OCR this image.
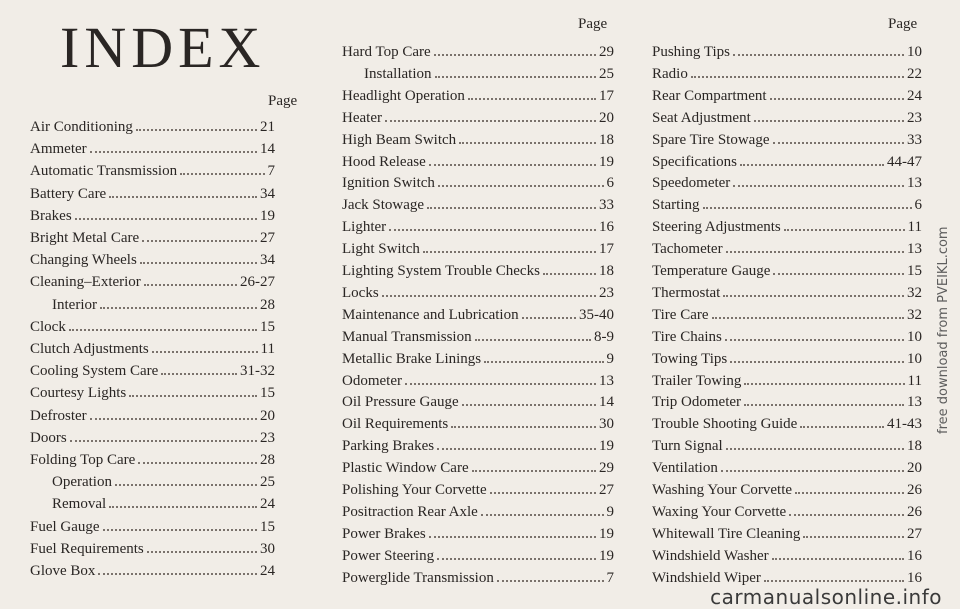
INDEX
Page
Page	Page
Air Conditioning	21
Ammeter	14
Automatic Transmission	7
Battery Care	34
Brakes	19
Bright Metal Care	27
Changing Wheels	34
Cleaning–Exterior	26-27
Interior	28
Clock	15
Clutch Adjustments	11
Cooling System Care	31-32
Courtesy Lights	15
Defroster	20
Doors	23
Folding Top Care	28
Operation	25
Removal	24
Fuel Gauge	15
Fuel Requirements	30
Glove Box	24
Hard Top Care	29
Installation	25
Headlight Operation	17
Heater	20
High Beam Switch	18
Hood Release	19
Ignition Switch	6
Jack Stowage	33
Lighter	16
Light Switch	17
Lighting System Trouble Checks	18
Locks	23
Maintenance and Lubrication	35-40
Manual Transmission	8-9
Metallic Brake Linings	9
Odometer	13
Oil Pressure Gauge	14
Oil Requirements	30
Parking Brakes	19
Plastic Window Care	29
Polishing Your Corvette	27
Positraction Rear Axle	9
Power Brakes	19
Power Steering	19
Powerglide Transmission	7
Pushing Tips	10
Radio	22
Rear Compartment	24
Seat Adjustment	23
Spare Tire Stowage	33
Specifications	44-47
Speedometer	13
Starting	6
Steering Adjustments	11
Tachometer	13
Temperature Gauge	15
Thermostat	32
Tire Care	32
Tire Chains	10
Towing Tips	10
Trailer Towing	11
Trip Odometer	13
Trouble Shooting Guide	41-43
Turn Signal	18
Ventilation	20
Washing Your Corvette	26
Waxing Your Corvette	26
Whitewall Tire Cleaning	27
Windshield Washer	16
Windshield Wiper	16
free download from PVEIKL.com
carmanualsonline.info
